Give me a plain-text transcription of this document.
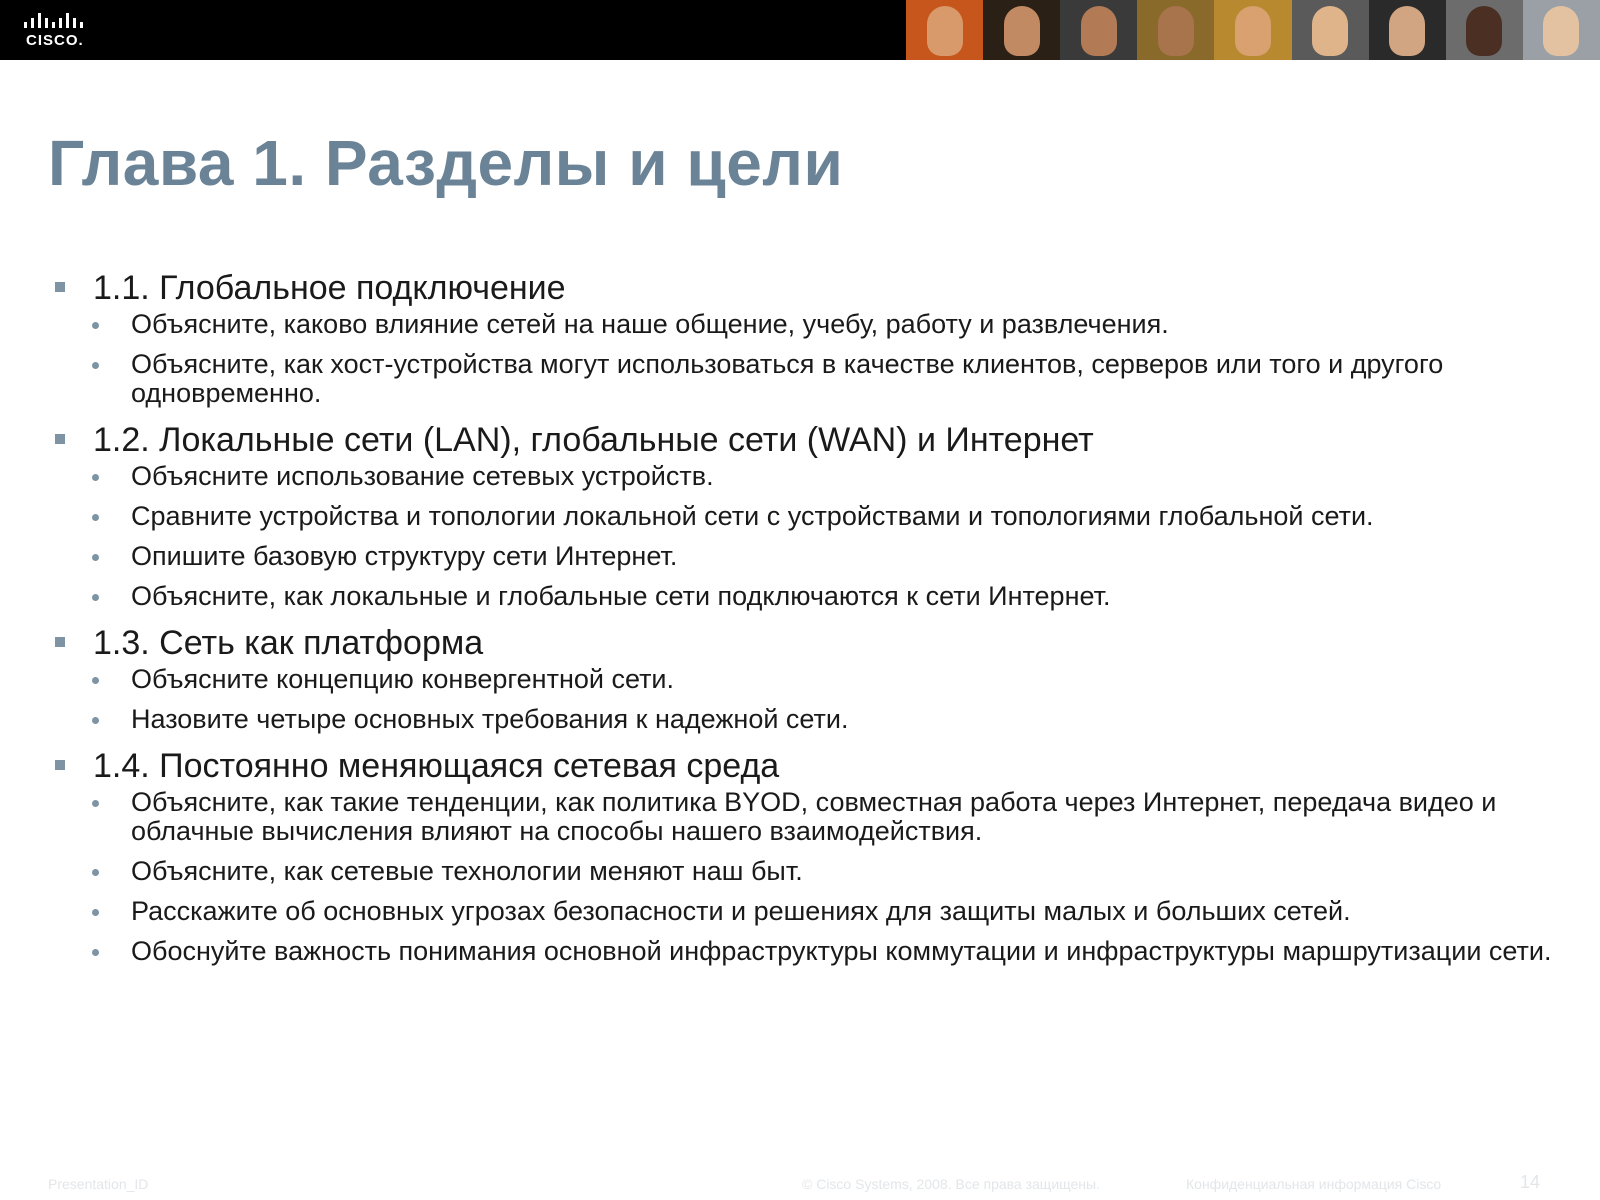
CISCO.
Глава 1. Разделы и цели
1.1. Глобальное подключение
Объясните, каково влияние сетей на наше общение, учебу, работу и развлечения.
Объясните, как хост-устройства могут использоваться в качестве клиентов, серверов или того и другого одновременно.
1.2. Локальные сети (LAN), глобальные сети (WAN) и Интернет
Объясните использование сетевых устройств.
Сравните устройства и топологии локальной сети с устройствами и топологиями глобальной сети.
Опишите базовую структуру сети Интернет.
Объясните, как локальные и глобальные сети подключаются к сети Интернет.
1.3. Сеть как платформа
Объясните концепцию конвергентной сети.
Назовите четыре основных требования к надежной сети.
1.4. Постоянно меняющаяся сетевая среда
Объясните, как такие тенденции, как политика BYOD, совместная работа через Интернет, передача видео и облачные вычисления влияют на способы нашего взаимодействия.
Объясните, как сетевые технологии меняют наш быт.
Расскажите об основных угрозах безопасности и решениях для защиты малых и больших сетей.
Обоснуйте важность понимания основной инфраструктуры коммутации и инфраструктуры маршрутизации сети.
Presentation_ID	© Cisco Systems, 2008. Все права защищены.	Конфиденциальная информация Cisco	14
